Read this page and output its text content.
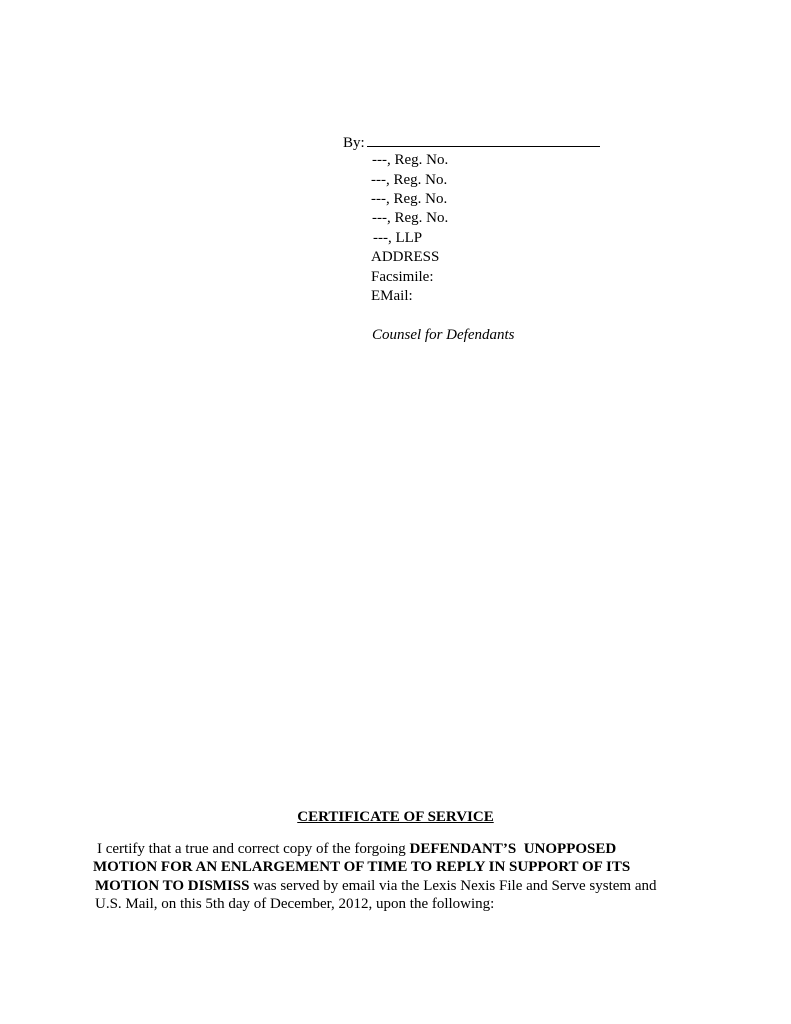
By:
---, Reg. No.
---, Reg. No.
---, Reg. No.
---, Reg. No.
---, LLP
ADDRESS
Facsimile:
EMail:
Counsel for Defendants
CERTIFICATE OF SERVICE
I certify that a true and correct copy of the forgoing DEFENDANT’S  UNOPPOSED
MOTION FOR AN ENLARGEMENT OF TIME TO REPLY IN SUPPORT OF ITS
MOTION TO DISMISS was served by email via the Lexis Nexis File and Serve system and
U.S. Mail, on this 5th day of December, 2012, upon the following:
